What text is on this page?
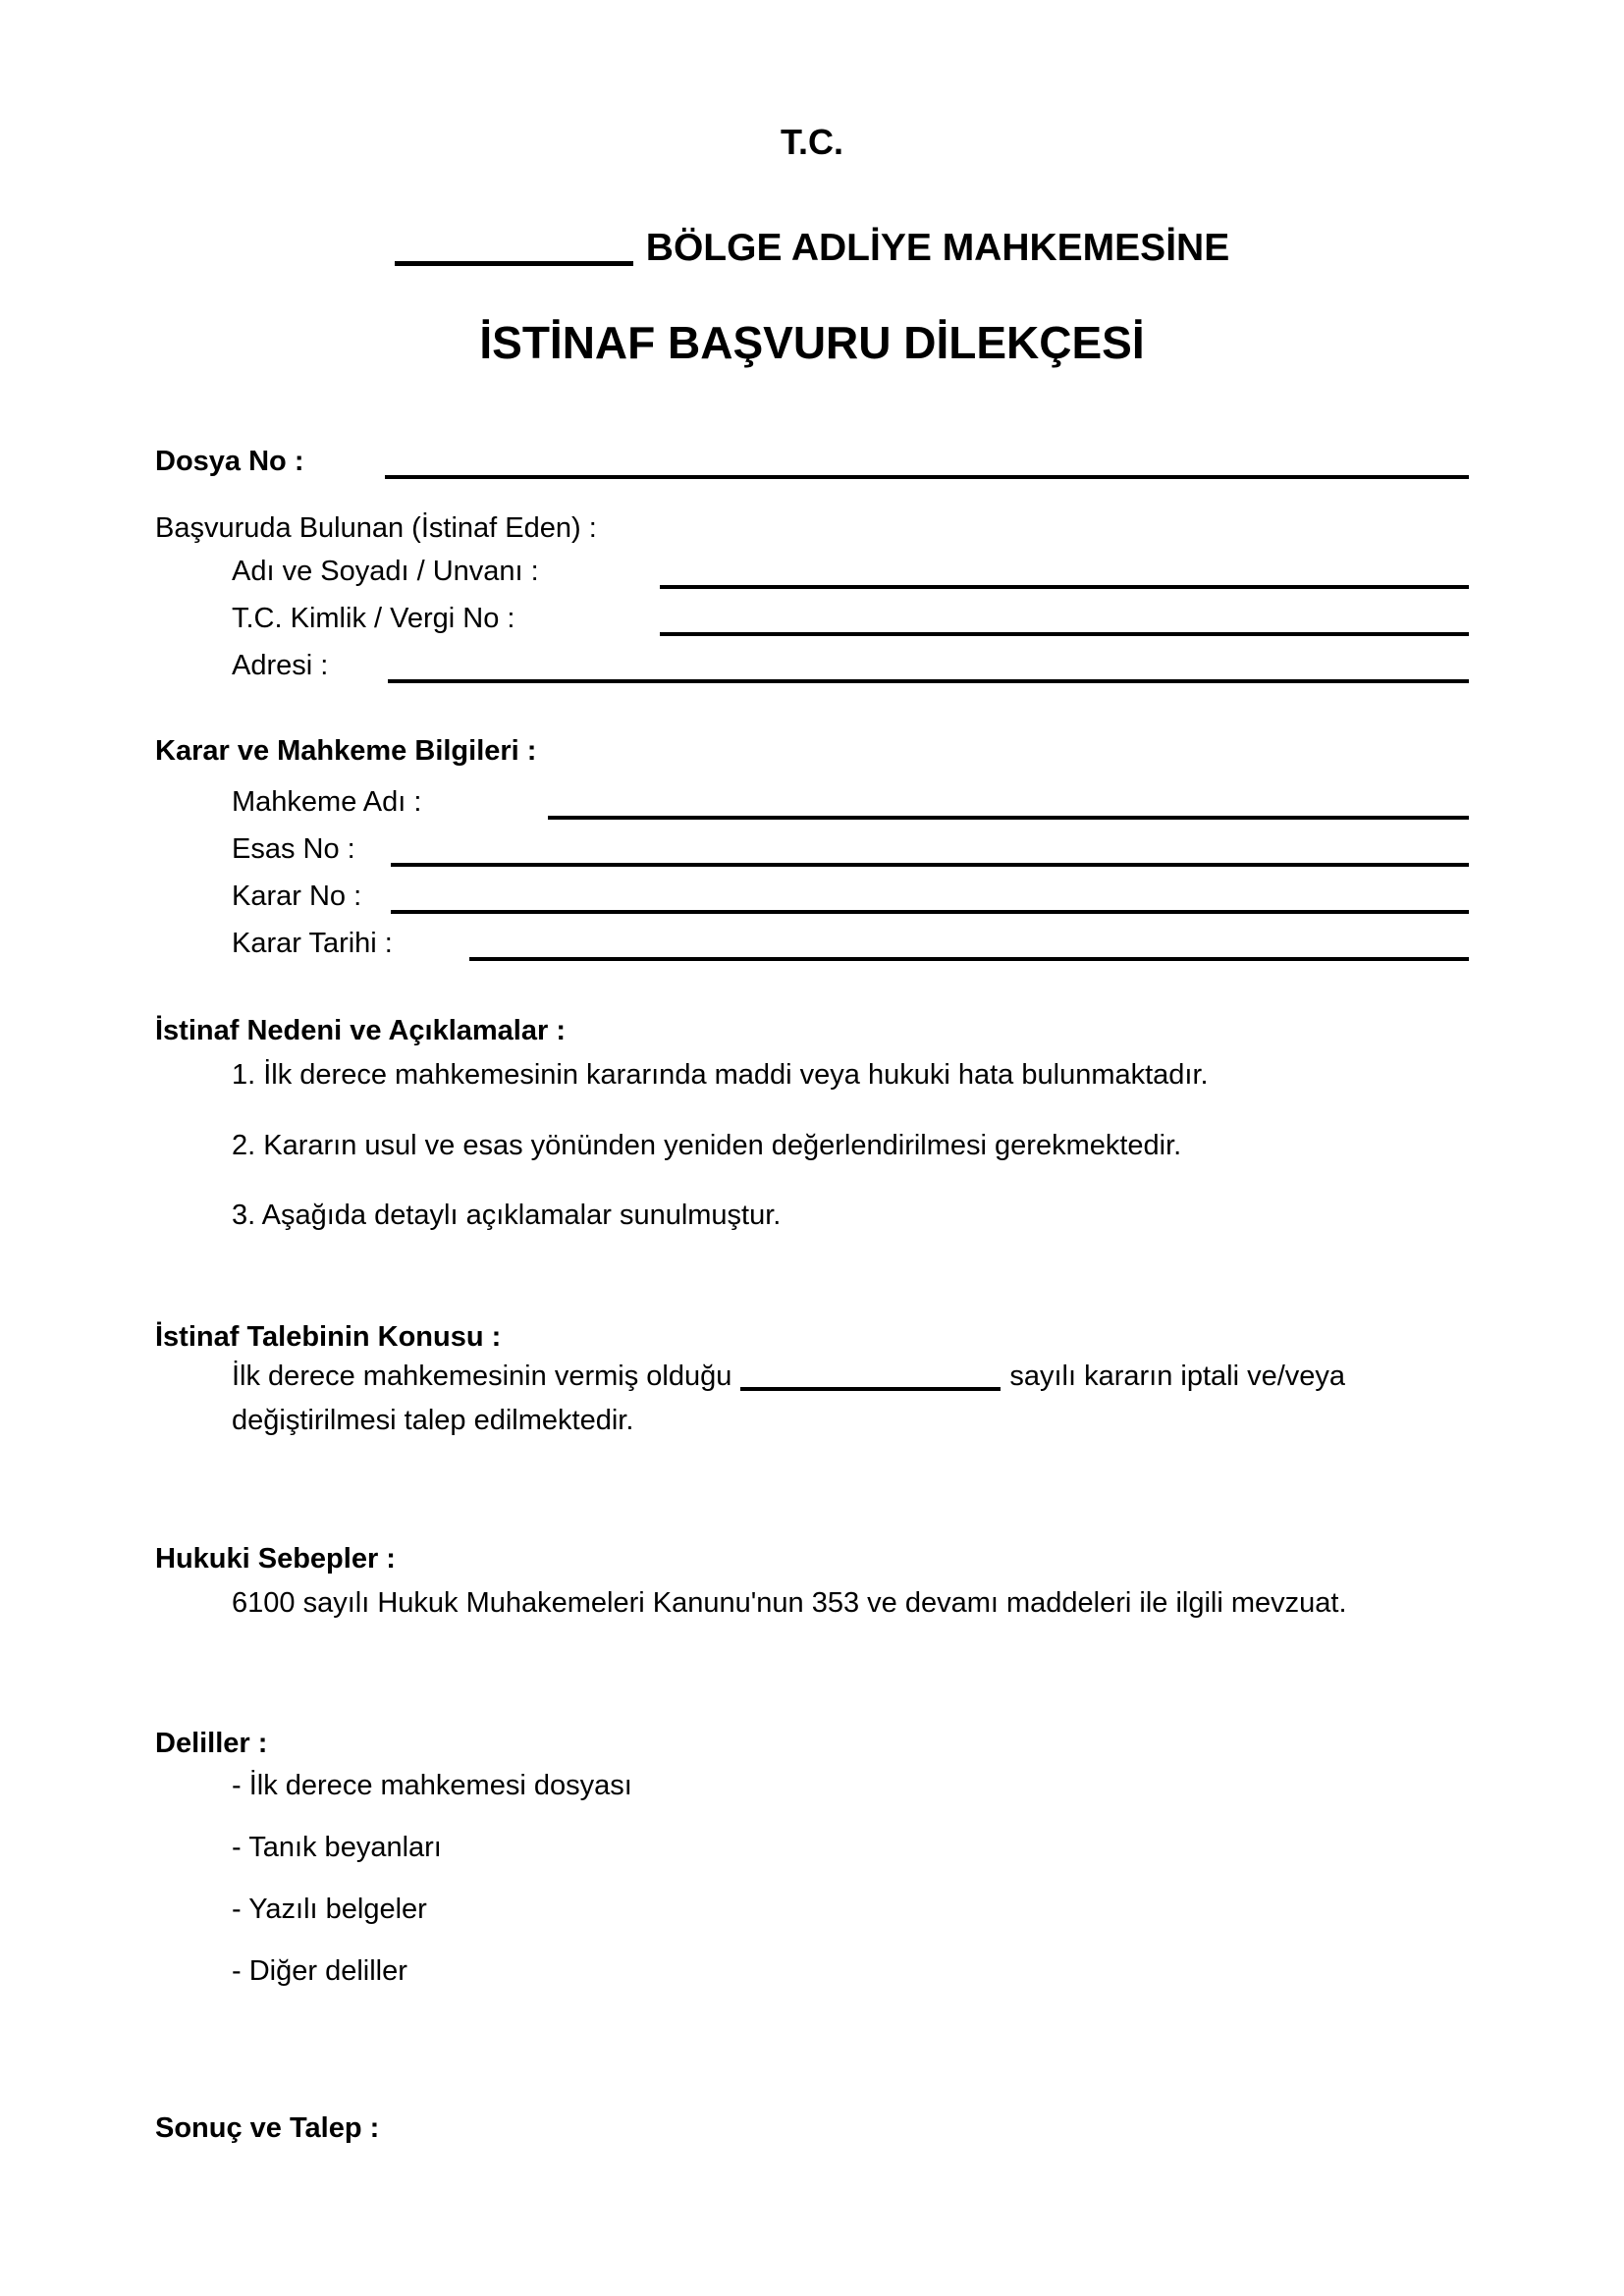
T.C.
BÖLGE ADLİYE MAHKEMESİNE
İSTİNAF BAŞVURU DİLEKÇESİ
Dosya No :
Başvuruda Bulunan (İstinaf Eden) :
Adı ve Soyadı / Unvanı :
T.C. Kimlik / Vergi No :
Adresi :
Karar ve Mahkeme Bilgileri :
Mahkeme Adı :
Esas No :
Karar No :
Karar Tarihi :
İstinaf Nedeni ve Açıklamalar :
1. İlk derece mahkemesinin kararında maddi veya hukuki hata bulunmaktadır.
2. Kararın usul ve esas yönünden yeniden değerlendirilmesi gerekmektedir.
3. Aşağıda detaylı açıklamalar sunulmuştur.
İstinaf Talebinin Konusu :
İlk derece mahkemesinin vermiş olduğu	sayılı kararın iptali ve/veya
değiştirilmesi talep edilmektedir.
Hukuki Sebepler :
6100 sayılı Hukuk Muhakemeleri Kanunu'nun 353 ve devamı maddeleri ile ilgili mevzuat.
Deliller :
- İlk derece mahkemesi dosyası
- Tanık beyanları
- Yazılı belgeler
- Diğer deliller
Sonuç ve Talep :
